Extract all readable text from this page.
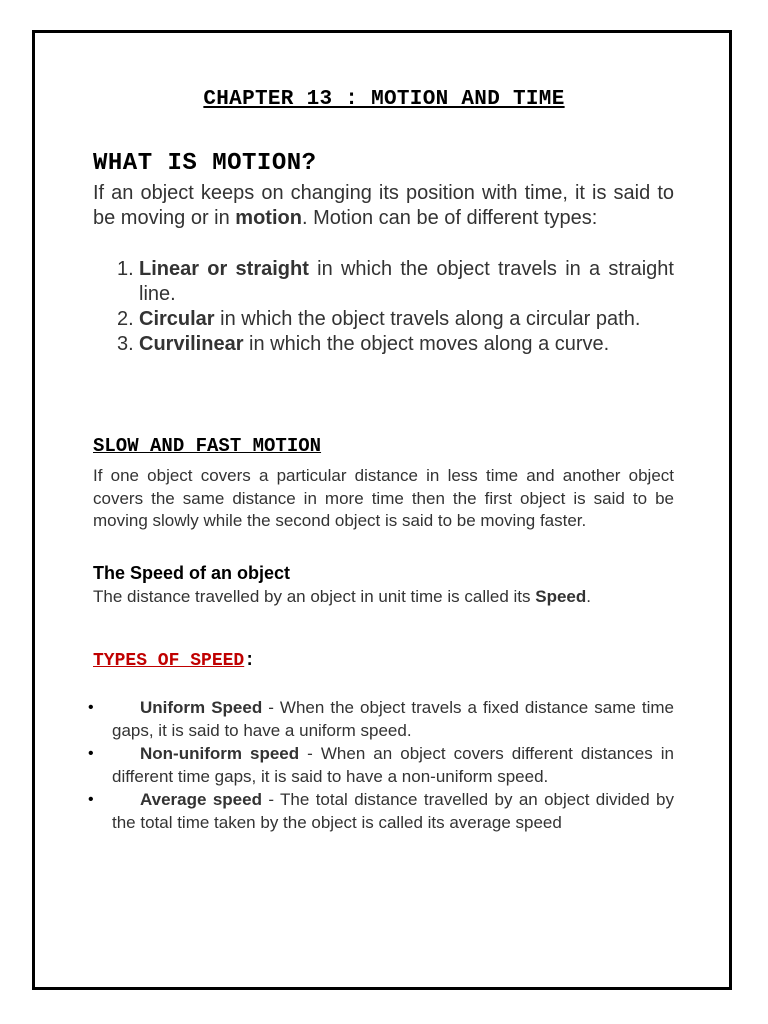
CHAPTER 13 : MOTION AND TIME
WHAT IS MOTION?
If an object keeps on changing its position with time, it is said to be moving or in motion. Motion can be of different types:
1. Linear or straight in which the object travels in a straight line.
2. Circular in which the object travels along a circular path.
3. Curvilinear in which the object moves along a curve.
SLOW AND FAST MOTION
If one object covers a particular distance in less time and another object covers the same distance in more time then the first object is said to be moving slowly while the second object is said to be moving faster.
The Speed of an object
The distance travelled by an object in unit time is called its Speed.
TYPES OF SPEED:
•	Uniform Speed - When the object travels a fixed distance same time gaps, it is said to have a uniform speed.
•	Non-uniform speed - When an object covers different distances in different time gaps, it is said to have a non-uniform speed.
•	Average speed - The total distance travelled by an object divided by the total time taken by the object is called its average speed
